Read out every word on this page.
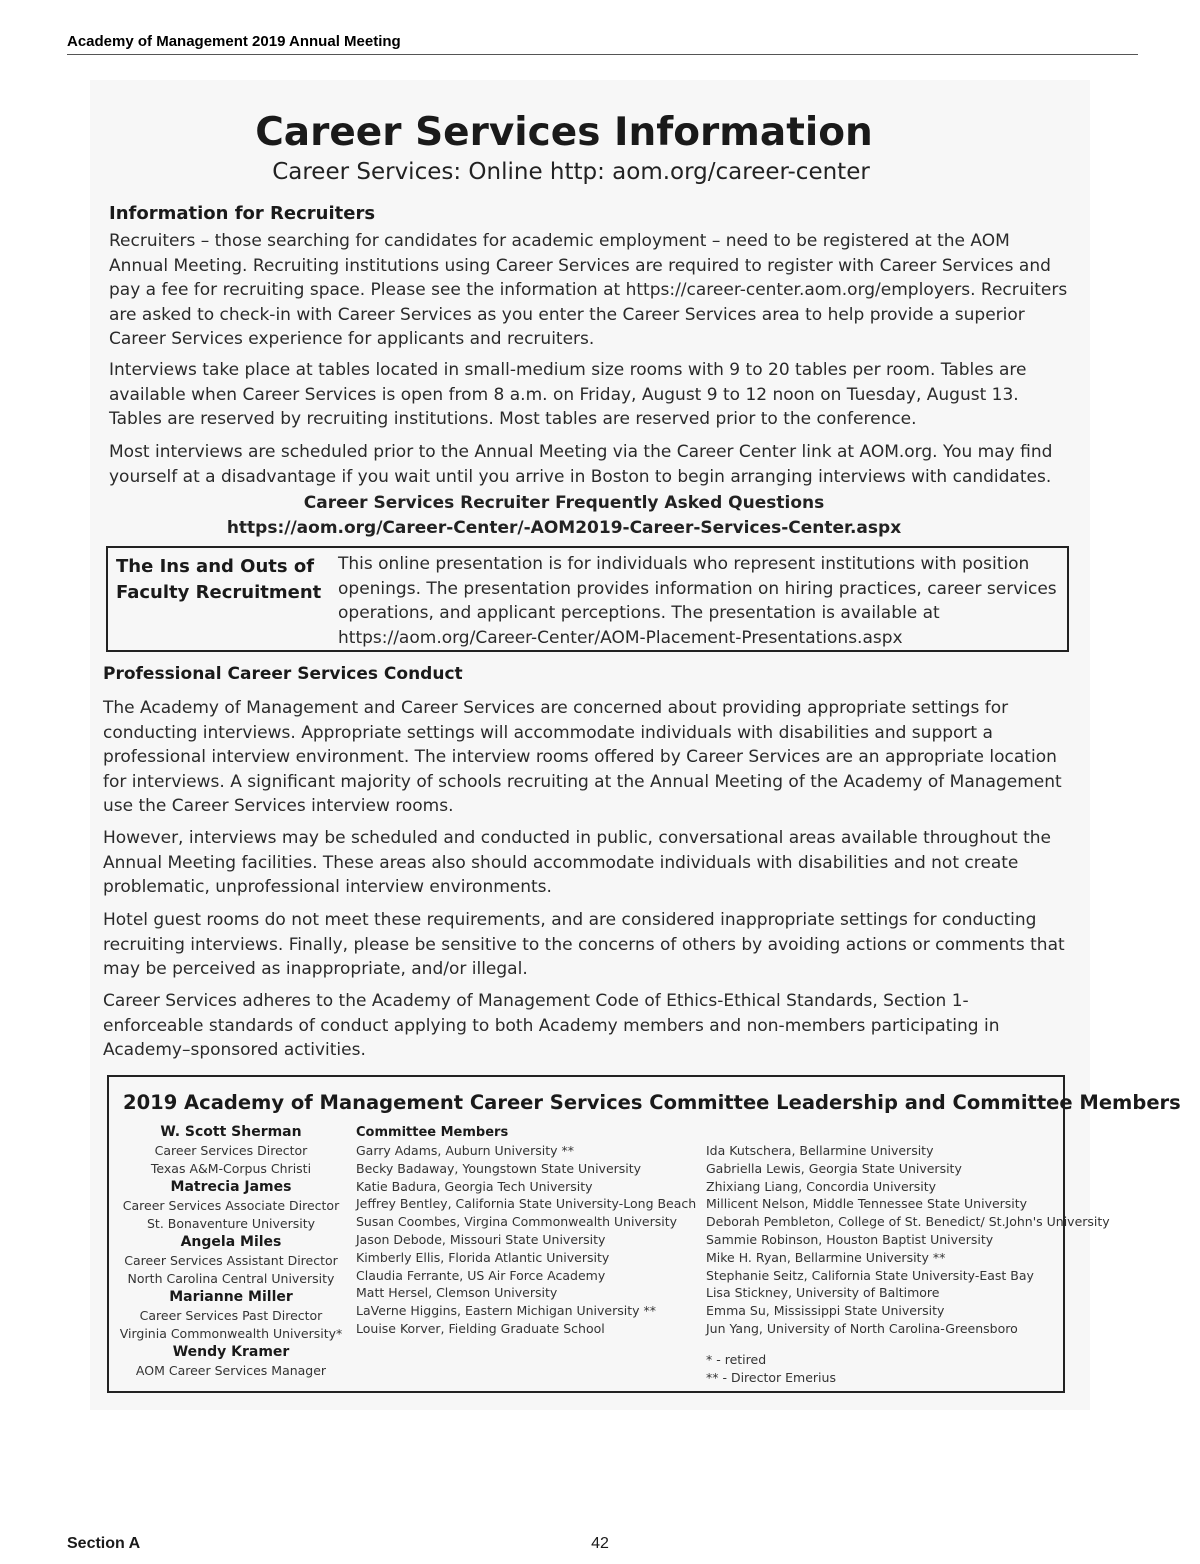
Academy of Management 2019 Annual Meeting
Career Services Information
Career Services: Online http: aom.org/career-center
Information for Recruiters

Recruiters – those searching for candidates for academic employment – need to be registered at the AOM Annual Meeting. Recruiting institutions using Career Services are required to register with Career Services and pay a fee for recruiting space. Please see the information at https://career-center.aom.org/employers. Recruiters are asked to check-in with Career Services as you enter the Career Services area to help provide a superior Career Services experience for applicants and recruiters.

Interviews take place at tables located in small-medium size rooms with 9 to 20 tables per room. Tables are available when Career Services is open from 8 a.m. on Friday, August 9 to 12 noon on Tuesday, August 13. Tables are reserved by recruiting institutions. Most tables are reserved prior to the conference.

Most interviews are scheduled prior to the Annual Meeting via the Career Center link at AOM.org. You may find yourself at a disadvantage if you wait until you arrive in Boston to begin arranging interviews with candidates.

Career Services Recruiter Frequently Asked Questions
https://aom.org/Career-Center/-AOM2019-Career-Services-Center.aspx
The Ins and Outs of Faculty Recruitment
This online presentation is for individuals who represent institutions with position openings. The presentation provides information on hiring practices, career services operations, and applicant perceptions. The presentation is available at https://aom.org/Career-Center/AOM-Placement-Presentations.aspx
Professional Career Services Conduct

The Academy of Management and Career Services are concerned about providing appropriate settings for conducting interviews. Appropriate settings will accommodate individuals with disabilities and support a professional interview environment. The interview rooms offered by Career Services are an appropriate location for interviews. A significant majority of schools recruiting at the Annual Meeting of the Academy of Management use the Career Services interview rooms.

However, interviews may be scheduled and conducted in public, conversational areas available throughout the Annual Meeting facilities. These areas also should accommodate individuals with disabilities and not create problematic, unprofessional interview environments.

Hotel guest rooms do not meet these requirements, and are considered inappropriate settings for conducting recruiting interviews. Finally, please be sensitive to the concerns of others by avoiding actions or comments that may be perceived as inappropriate, and/or illegal.

Career Services adheres to the Academy of Management Code of Ethics-Ethical Standards, Section 1-enforceable standards of conduct applying to both Academy members and non-members participating in Academy–sponsored activities.

2019 Academy of Management Career Services Committee Leadership and Committee Members
W. Scott Sherman
Career Services Director
Texas A&M-Corpus Christi
Matrecia James
Career Services Associate Director
St. Bonaventure University
Angela Miles
Career Services Assistant Director
North Carolina Central University
Marianne Miller
Career Services Past Director
Virginia Commonwealth University*
Wendy Kramer
AOM Career Services Manager
Committee Members
Garry Adams, Auburn University **
Becky Badaway, Youngstown State University
Katie Badura, Georgia Tech University
Jeffrey Bentley, California State University-Long Beach
Susan Coombes, Virgina Commonwealth University
Jason Debode, Missouri State University
Kimberly Ellis, Florida Atlantic University
Claudia Ferrante, US Air Force Academy
Matt Hersel, Clemson University
LaVerne Higgins, Eastern Michigan University **
Louise Korver, Fielding Graduate School
Ida Kutschera, Bellarmine University
Gabriella Lewis, Georgia State University
Zhixiang Liang, Concordia University
Millicent Nelson, Middle Tennessee State University
Deborah Pembleton, College of St. Benedict/ St.John's University
Sammie Robinson, Houston Baptist University
Mike H. Ryan, Bellarmine University **
Stephanie Seitz, California State University-East Bay
Lisa Stickney, University of Baltimore
Emma Su, Mississippi State University
Jun Yang, University of North Carolina-Greensboro
* - retired
** - Director Emerius
Section A	42
